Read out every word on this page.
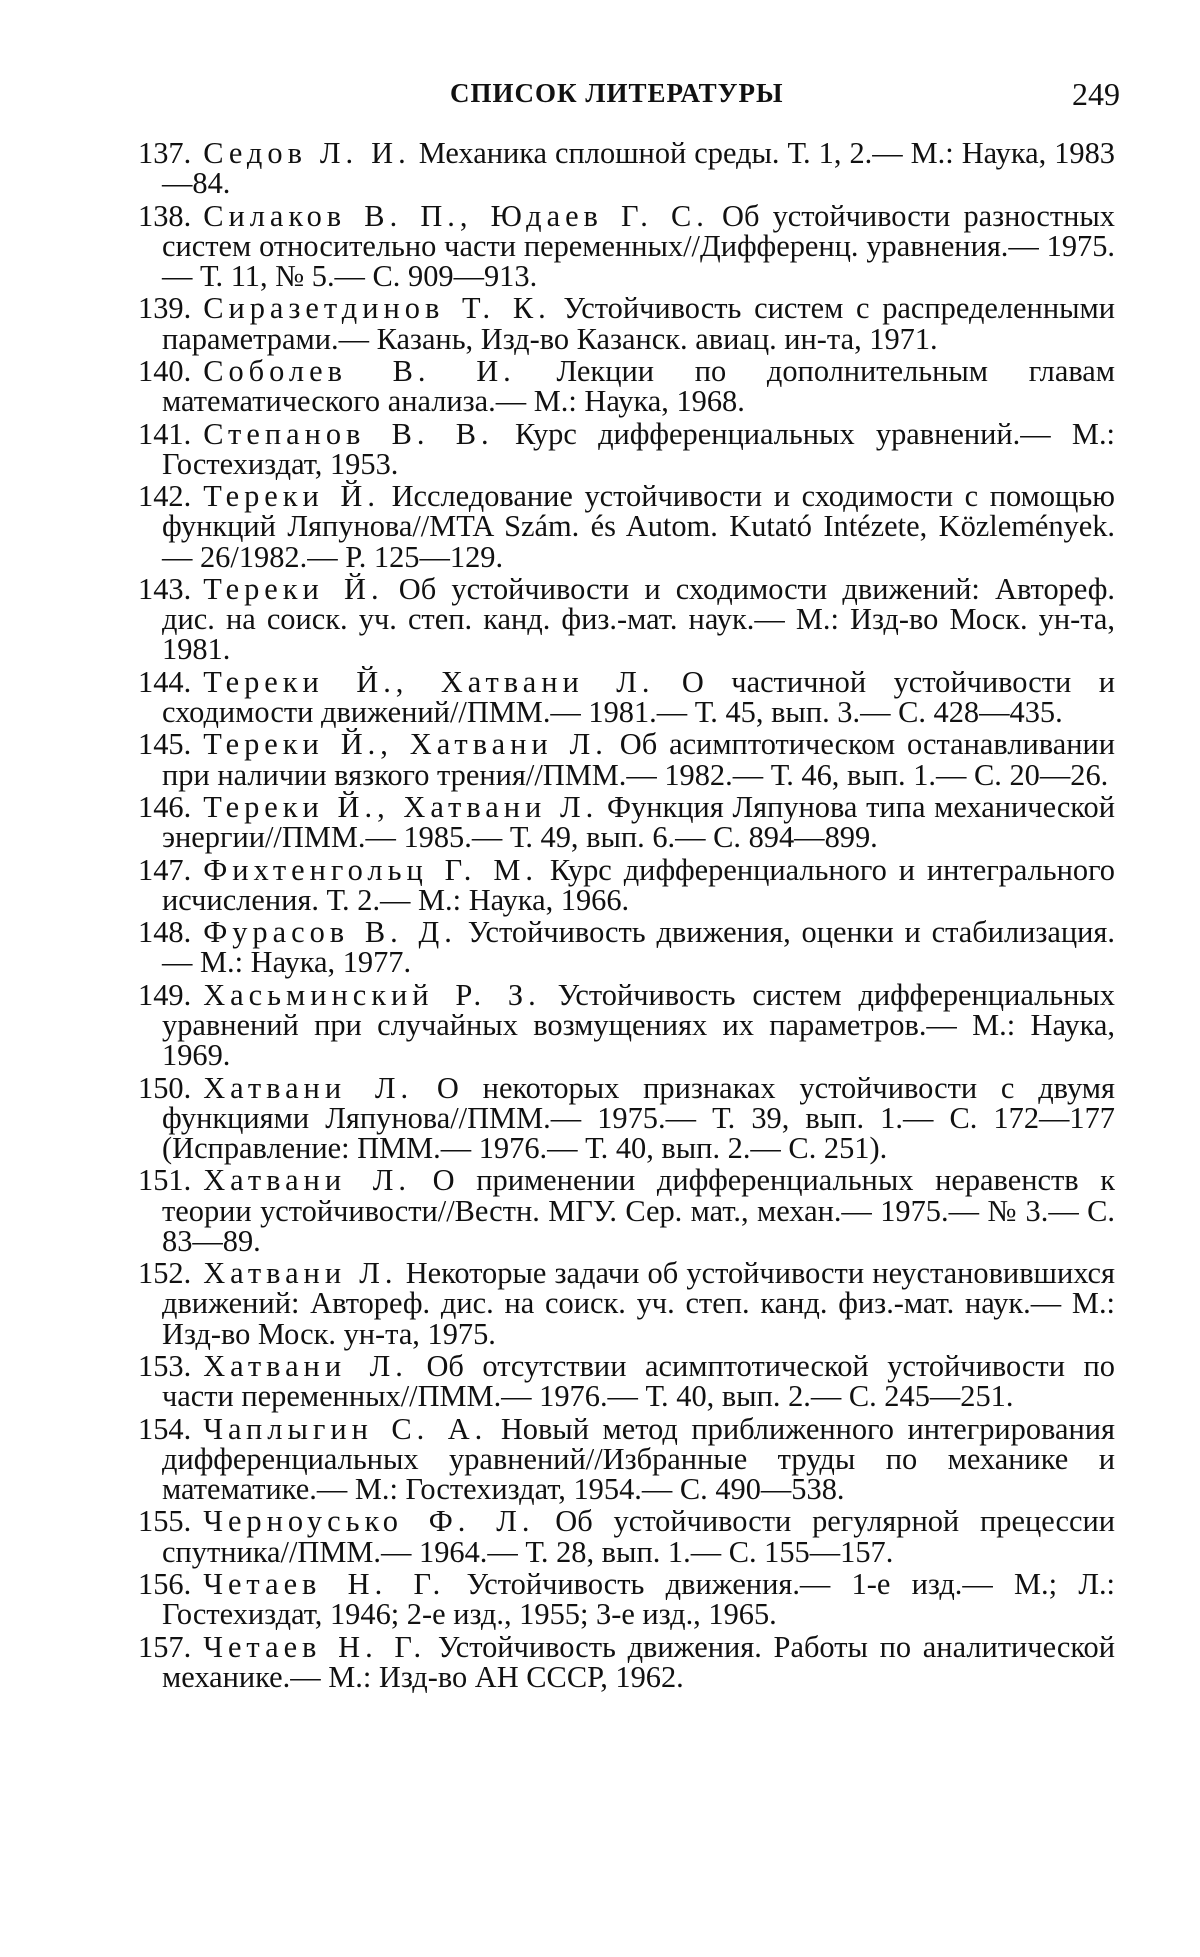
СПИСОК ЛИТЕРАТУРЫ	249
137. Седов Л. И. Механика сплошной среды. Т. 1, 2.— М.: Наука, 1983—84.
138. Силаков В. П., Юдаев Г. С. Об устойчивости разностных систем относительно части переменных//Дифференц. уравнения.— 1975.— Т. 11, № 5.— С. 909—913.
139. Сиразетдинов Т. К. Устойчивость систем с распределенными параметрами.— Казань, Изд-во Казанск. авиац. ин-та, 1971.
140. Соболев В. И. Лекции по дополнительным главам математического анализа.— М.: Наука, 1968.
141. Степанов В. В. Курс дифференциальных уравнений.— М.: Гостехиздат, 1953.
142. Тереки Й. Исследование устойчивости и сходимости с помощью функций Ляпунова//MTA Szám. és Autom. Kutató Intézete, Közlemények.— 26/1982.— P. 125—129.
143. Тереки Й. Об устойчивости и сходимости движений: Автореф. дис. на соиск. уч. степ. канд. физ.-мат. наук.— М.: Изд-во Моск. ун-та, 1981.
144. Тереки Й., Хатвани Л. О частичной устойчивости и сходимости движений//ПММ.— 1981.— Т. 45, вып. 3.— С. 428—435.
145. Тереки Й., Хатвани Л. Об асимптотическом останавливании при наличии вязкого трения//ПММ.— 1982.— Т. 46, вып. 1.— С. 20—26.
146. Тереки Й., Хатвани Л. Функция Ляпунова типа механической энергии//ПММ.— 1985.— Т. 49, вып. 6.— С. 894—899.
147. Фихтенгольц Г. М. Курс дифференциального и интегрального исчисления. Т. 2.— М.: Наука, 1966.
148. Фурасов В. Д. Устойчивость движения, оценки и стабилизация.— М.: Наука, 1977.
149. Хасьминский Р. З. Устойчивость систем дифференциальных уравнений при случайных возмущениях их параметров.— М.: Наука, 1969.
150. Хатвани Л. О некоторых признаках устойчивости с двумя функциями Ляпунова//ПММ.— 1975.— Т. 39, вып. 1.— С. 172—177 (Исправление: ПММ.— 1976.— Т. 40, вып. 2.— С. 251).
151. Хатвани Л. О применении дифференциальных неравенств к теории устойчивости//Вестн. МГУ. Сер. мат., механ.— 1975.— № 3.— С. 83—89.
152. Хатвани Л. Некоторые задачи об устойчивости неустановившихся движений: Автореф. дис. на соиск. уч. степ. канд. физ.-мат. наук.— М.: Изд-во Моск. ун-та, 1975.
153. Хатвани Л. Об отсутствии асимптотической устойчивости по части переменных//ПММ.— 1976.— Т. 40, вып. 2.— С. 245—251.
154. Чаплыгин С. А. Новый метод приближенного интегрирования дифференциальных уравнений//Избранные труды по механике и математике.— М.: Гостехиздат, 1954.— С. 490—538.
155. Черноусько Ф. Л. Об устойчивости регулярной прецессии спутника//ПММ.— 1964.— Т. 28, вып. 1.— С. 155—157.
156. Четаев Н. Г. Устойчивость движения.— 1-е изд.— М.; Л.: Гостехиздат, 1946; 2-е изд., 1955; 3-е изд., 1965.
157. Четаев Н. Г. Устойчивость движения. Работы по аналитической механике.— М.: Изд-во АН СССР, 1962.
